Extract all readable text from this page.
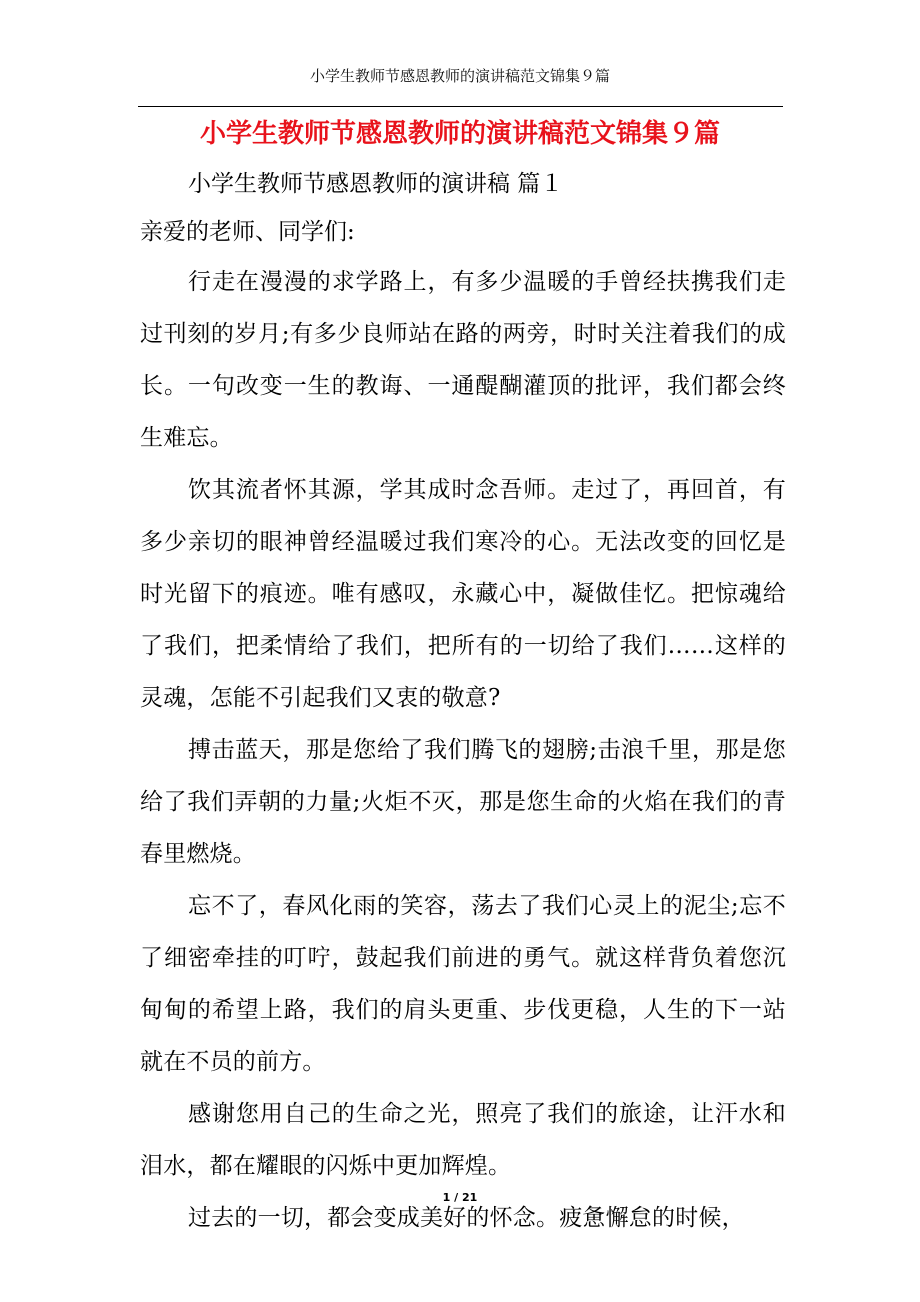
小学生教师节感恩教师的演讲稿范文锦集９篇
小学生教师节感恩教师的演讲稿范文锦集９篇

小学生教师节感恩教师的演讲稿 篇１

亲爱的老师、同学们:

行走在漫漫的求学路上，有多少温暖的手曾经扶携我们走过刊刻的岁月;有多少良师站在路的两旁，时时关注着我们的成长。一句改变一生的教诲、一通醍醐灌顶的批评，我们都会终生难忘。

饮其流者怀其源，学其成时念吾师。走过了，再回首，有多少亲切的眼神曾经温暖过我们寒冷的心。无法改变的回忆是时光留下的痕迹。唯有感叹，永藏心中，凝做佳忆。把惊魂给了我们，把柔情给了我们，把所有的一切给了我们……这样的灵魂，怎能不引起我们又衷的敬意?

搏击蓝天，那是您给了我们腾飞的翅膀;击浪千里，那是您给了我们弄朝的力量;火炬不灭，那是您生命的火焰在我们的青春里燃烧。

忘不了，春风化雨的笑容，荡去了我们心灵上的泥尘;忘不了细密牵挂的叮咛，鼓起我们前进的勇气。就这样背负着您沉甸甸的希望上路，我们的肩头更重、步伐更稳，人生的下一站就在不员的前方。

感谢您用自己的生命之光，照亮了我们的旅途，让汗水和泪水，都在耀眼的闪烁中更加辉煌。

过去的一切，都会变成美好的怀念。疲惫懈怠的时候，

1 / 21
